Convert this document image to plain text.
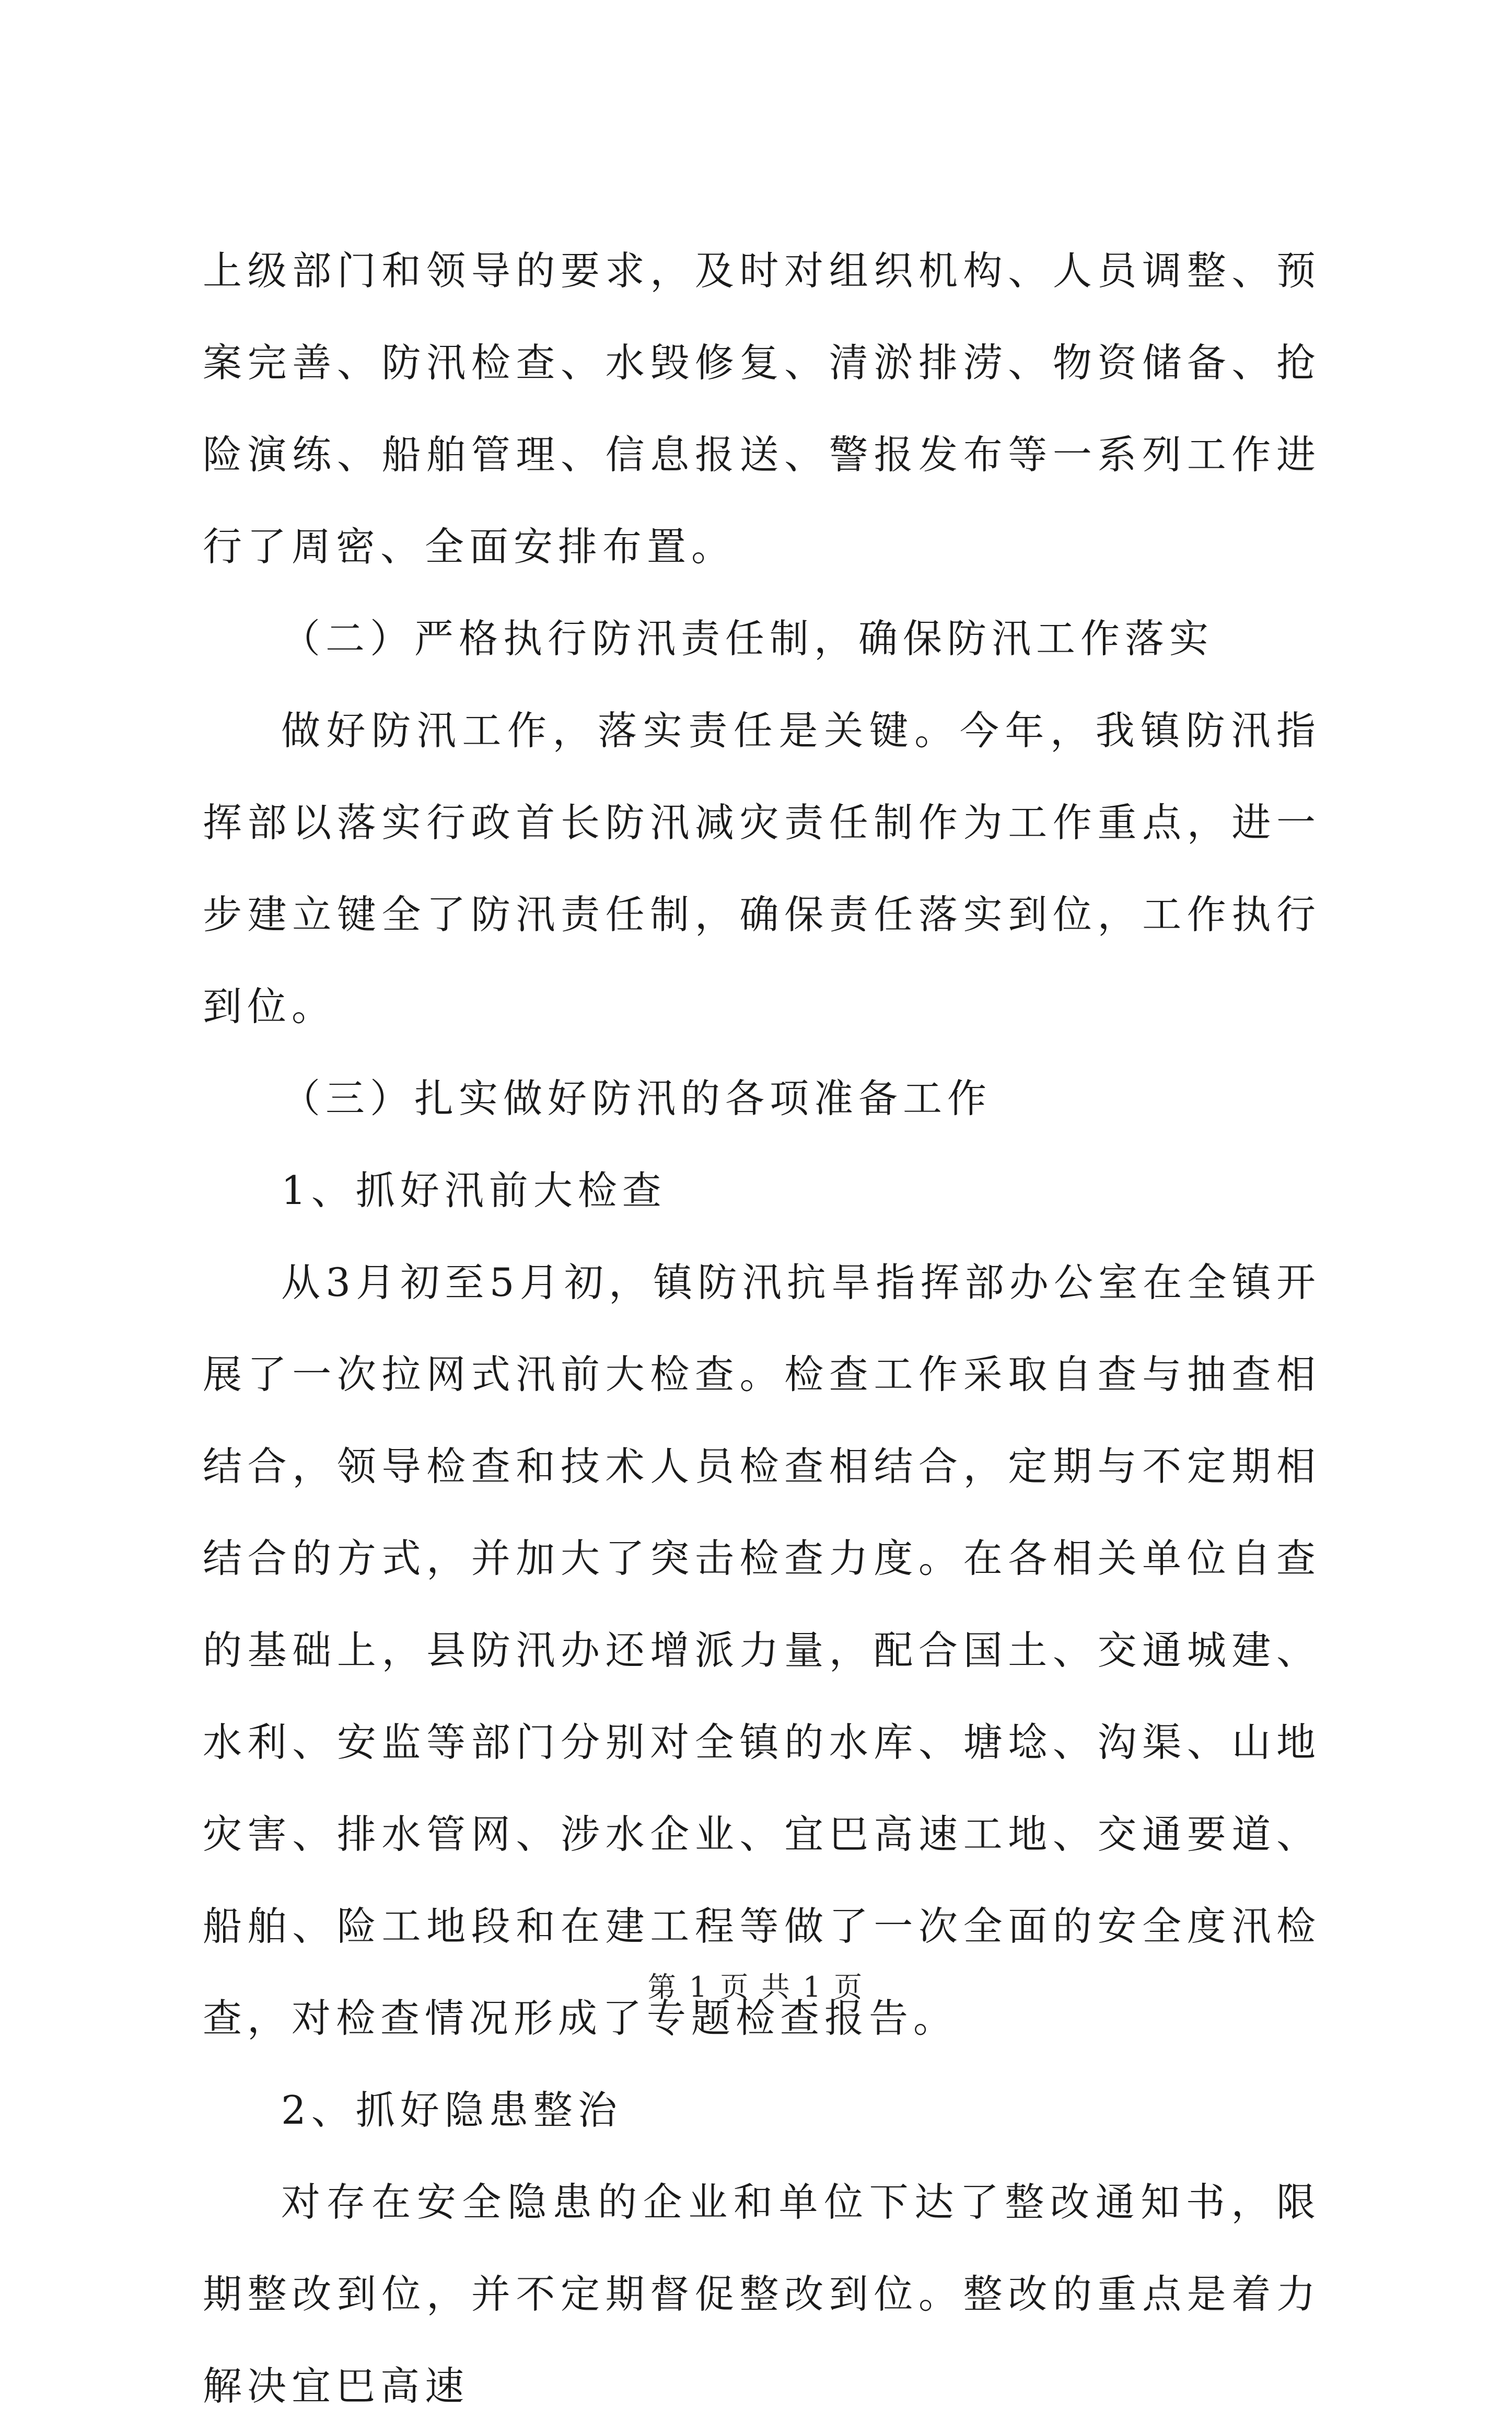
上级部门和领导的要求，及时对组织机构、人员调整、预案完善、防汛检查、水毁修复、清淤排涝、物资储备、抢险演练、船舶管理、信息报送、警报发布等一系列工作进行了周密、全面安排布置。

（二）严格执行防汛责任制，确保防汛工作落实

做好防汛工作，落实责任是关键。今年，我镇防汛指挥部以落实行政首长防汛减灾责任制作为工作重点，进一步建立键全了防汛责任制，确保责任落实到位，工作执行到位。

（三）扎实做好防汛的各项准备工作

1、抓好汛前大检查

从3月初至5月初，镇防汛抗旱指挥部办公室在全镇开展了一次拉网式汛前大检查。检查工作采取自查与抽查相结合，领导检查和技术人员检查相结合，定期与不定期相结合的方式，并加大了突击检查力度。在各相关单位自查的基础上，县防汛办还增派力量，配合国土、交通城建、水利、安监等部门分别对全镇的水库、塘埝、沟渠、山地灾害、排水管网、涉水企业、宜巴高速工地、交通要道、船舶、险工地段和在建工程等做了一次全面的安全度汛检查，对检查情况形成了专题检查报告。

2、抓好隐患整治

对存在安全隐患的企业和单位下达了整改通知书，限期整改到位，并不定期督促整改到位。整改的重点是着力解决宜巴高速

第 1 页 共 1 页
